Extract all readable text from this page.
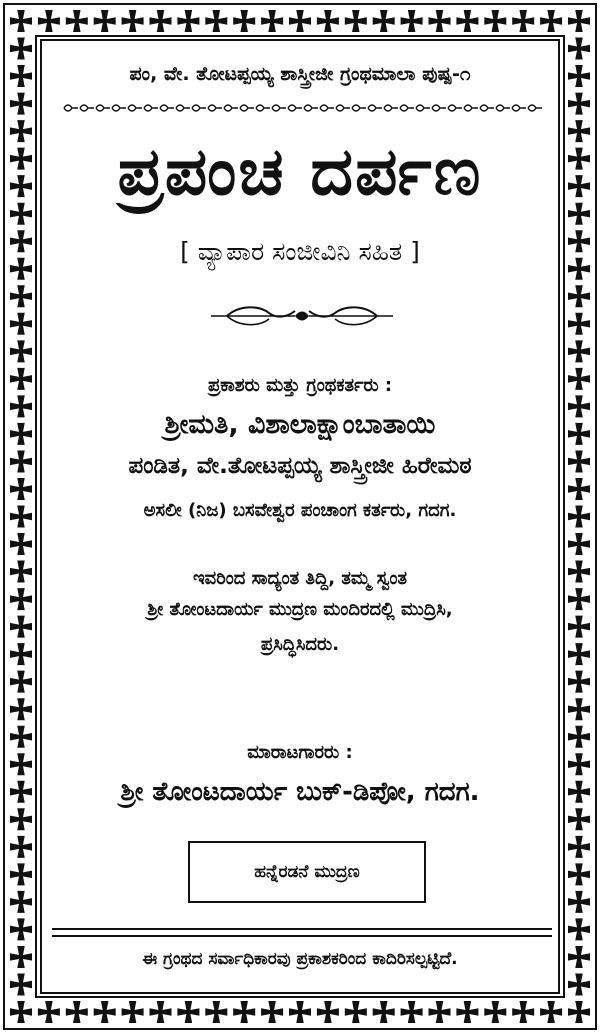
ಪಂ, ವೇ. ತೋಟಪ್ಪಯ್ಯ ಶಾಸ್ತ್ರೀಜೀ ಗ್ರಂಥಮಾಲಾ ಪುಷ್ಪ-೧
ಪ್ರಪಂಚ ದರ್ಪಣ
[ ವ್ಯಾಪಾರ ಸಂಜೀವಿನಿ ಸಹಿತ ]
ಪ್ರಕಾಶರು ಮತ್ತು ಗ್ರಂಥಕರ್ತರು :
ಶ್ರೀಮತಿ, ವಿಶಾಲಾಕ್ಷಾಂಬಾತಾಯಿ
ಪಂಡಿತ, ವೇ.ತೋಟಪ್ಪಯ್ಯ ಶಾಸ್ತ್ರೀಜೀ ಹಿರೇಮಠ
ಅಸಲೀ (ನಿಜ) ಬಸವೇಶ್ವರ ಪಂಚಾಂಗ ಕರ್ತರು, ಗದಗ.
ಇವರಿಂದ ಸಾದ್ಯಂತ ತಿದ್ದಿ, ತಮ್ಮ ಸ್ವಂತ
ಶ್ರೀ ತೋಂಟದಾರ್ಯ ಮುದ್ರಣ ಮಂದಿರದಲ್ಲಿ ಮುದ್ರಿಸಿ,
ಪ್ರಸಿದ್ಧಿಸಿದರು.
ಮಾರಾಟಗಾರರು :
ಶ್ರೀ ತೋಂಟದಾರ್ಯ ಬುಕ್-ಡಿಪೋ, ಗದಗ.
ಹನ್ನೆರಡನೆ ಮುದ್ರಣ
ಈ ಗ್ರಂಥದ ಸರ್ವಾಧಿಕಾರವು ಪ್ರಕಾಶಕರಿಂದ ಕಾದಿರಿಸಲ್ಪಟ್ಟಿದೆ.
